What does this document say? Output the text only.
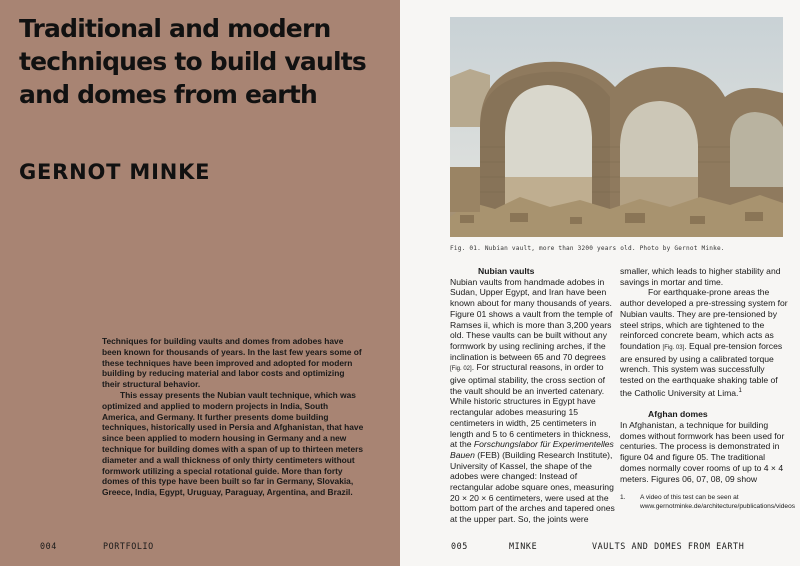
Traditional and modern techniques to build vaults and domes from earth
GERNOT MINKE

Techniques for building vaults and domes from adobes have been known for thousands of years. In the last few years some of these techniques have been improved and adopted for modern building by reducing material and labor costs and optimizing their structural behavior.

This essay presents the Nubian vault technique, which was optimized and applied to modern projects in India, South America, and Germany. It further presents dome building techniques, historically used in Persia and Afghanistan, that have since been applied to modern housing in Germany and a new technique for building domes with a span of up to thirteen meters diameter and a wall thickness of only thirty centimeters without formwork utilizing a special rotational guide. More than forty domes of this type have been built so far in Germany, Slovakia, Greece, India, Egypt, Uruguay, Paraguay, Argentina, and Brazil.

004	PORTFOLIO
Fig. 01. Nubian vault, more than 3200 years old. Photo by Gernot Minke.

Nubian vaults

Nubian vaults from handmade adobes in Sudan, Upper Egypt, and Iran have been known about for many thousands of years. Figure 01 shows a vault from the temple of Ramses ii, which is more than 3,200 years old. These vaults can be built without any formwork by using reclining arches, if the inclination is between 65 and 70 degrees [Fig. 02]. For structural reasons, in order to give optimal stability, the cross section of the vault should be an inverted catenary. While historic structures in Egypt have rectangular adobes measuring 15 centimeters in width, 25 centimeters in length and 5 to 6 centimeters in thickness, at the Forschungslabor für Experimentelles Bauen (FEB) (Building Research Institute), University of Kassel, the shape of the adobes were changed: Instead of rectangular adobe square ones, measuring 20 × 20 × 6 centimeters, were used at the bottom part of the arches and tapered ones at the upper part. So, the joints were

smaller, which leads to higher stability and savings in mortar and time.

For earthquake-prone areas the author developed a pre-stressing system for Nubian vaults. They are pre-tensioned by steel strips, which are tightened to the reinforced concrete beam, which acts as foundation [Fig. 03]. Equal pre-tension forces are ensured by using a calibrated torque wrench. This system was successfully tested on the earthquake shaking table of the Catholic University at Lima.$^1$

Afghan domes

In Afghanistan, a technique for building domes without formwork has been used for centuries. The process is demonstrated in figure 04 and figure 05. The traditional domes normally cover rooms of up to 4 × 4 meters. Figures 06, 07, 08, 09 show

1.	A video of this test can be seen at www.gernotminke.de/architecture/publications/videos
005	MINKE	VAULTS AND DOMES FROM EARTH
